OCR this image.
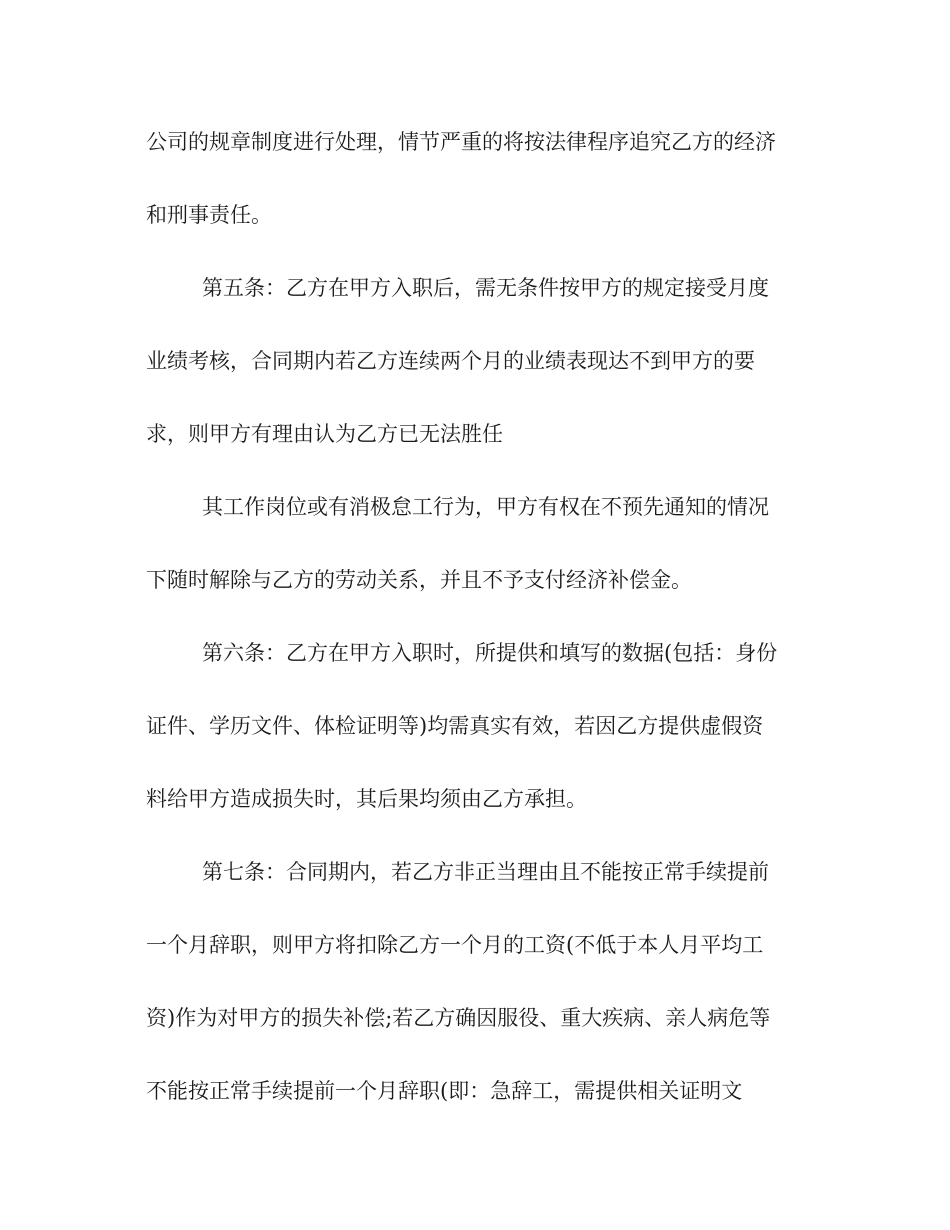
公司的规章制度进行处理，情节严重的将按法律程序追究乙方的经济
和刑事责任。
第五条：乙方在甲方入职后，需无条件按甲方的规定接受月度
业绩考核，合同期内若乙方连续两个月的业绩表现达不到甲方的要
求，则甲方有理由认为乙方已无法胜任
其工作岗位或有消极怠工行为，甲方有权在不预先通知的情况
下随时解除与乙方的劳动关系，并且不予支付经济补偿金。
第六条：乙方在甲方入职时，所提供和填写的数据(包括：身份
证件、学历文件、体检证明等)均需真实有效，若因乙方提供虚假资
料给甲方造成损失时，其后果均须由乙方承担。
第七条：合同期内，若乙方非正当理由且不能按正常手续提前
一个月辞职，则甲方将扣除乙方一个月的工资(不低于本人月平均工
资)作为对甲方的损失补偿;若乙方确因服役、重大疾病、亲人病危等
不能按正常手续提前一个月辞职(即：急辞工，需提供相关证明文
